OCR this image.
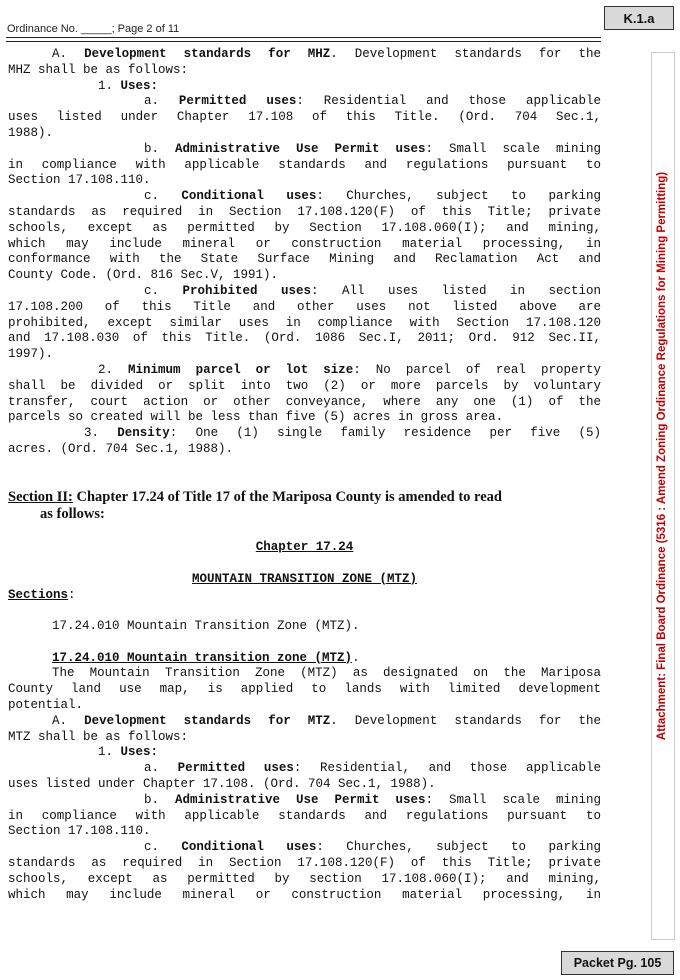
Ordinance No. _____; Page 2 of 11
K.1.a
Attachment: Final Board Ordinance (5316 : Amend Zoning Ordinance Regulations for Mining Permitting)
Packet Pg. 105
A. Development standards for MHZ. Development standards for the
MHZ shall be as follows:
1. Uses:
a. Permitted uses: Residential and those applicable
uses listed under Chapter 17.108 of this Title. (Ord. 704 Sec.1,
1988).
b. Administrative Use Permit uses: Small scale mining
in compliance with applicable standards and regulations pursuant to
Section 17.108.110.
c. Conditional uses: Churches, subject to parking
standards as required in Section 17.108.120(F) of this Title; private
schools, except as permitted by Section 17.108.060(I); and mining,
which may include mineral or construction material processing, in
conformance with the State Surface Mining and Reclamation Act and
County Code. (Ord. 816 Sec.V, 1991).
c. Prohibited uses: All uses listed in section
17.108.200 of this Title and other uses not listed above are
prohibited, except similar uses in compliance with Section 17.108.120
and 17.108.030 of this Title. (Ord. 1086 Sec.I, 2011; Ord. 912 Sec.II,
1997).
2. Minimum parcel or lot size: No parcel of real property
shall be divided or split into two (2) or more parcels by voluntary
transfer, court action or other conveyance, where any one (1) of the
parcels so created will be less than five (5) acres in gross area.
3. Density: One (1) single family residence per five (5)
acres. (Ord. 704 Sec.1, 1988).
Section II: Chapter 17.24 of Title 17 of the Mariposa County is amended to read
as follows:
Chapter 17.24
MOUNTAIN TRANSITION ZONE (MTZ)
Sections:
17.24.010 Mountain Transition Zone (MTZ).
17.24.010 Mountain transition zone (MTZ).
The Mountain Transition Zone (MTZ) as designated on the Mariposa
County land use map, is applied to lands with limited development
potential.
A. Development standards for MTZ. Development standards for the
MTZ shall be as follows:
1. Uses:
a. Permitted uses: Residential, and those applicable
uses listed under Chapter 17.108. (Ord. 704 Sec.1, 1988).
b. Administrative Use Permit uses: Small scale mining
in compliance with applicable standards and regulations pursuant to
Section 17.108.110.
c. Conditional uses: Churches, subject to parking
standards as required in Section 17.108.120(F) of this Title; private
schools, except as permitted by section 17.108.060(I); and mining,
which may include mineral or construction material processing, in
